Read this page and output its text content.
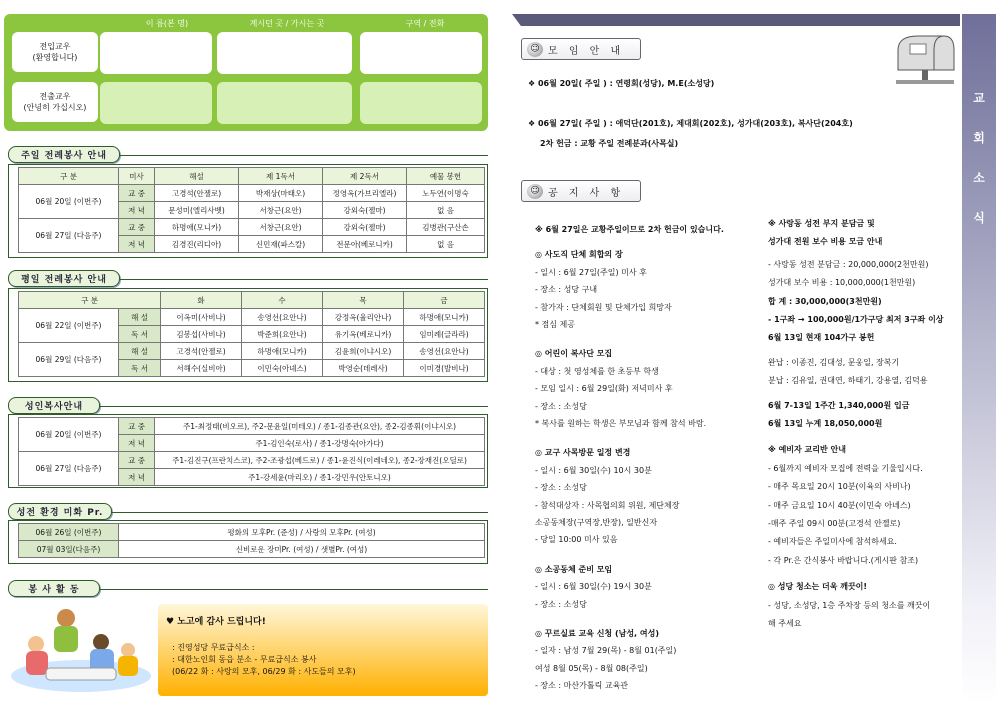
이 름(본 명)	계시던 곳 / 가시는 곳	구역 / 전화
전입교우
(환영합니다)
전출교우
(안녕히 가십시오)
주일 전례봉사 안내
구 분	미사	해설	제 1독서	제 2독서	예물 봉헌
06월 20일 (이번주)	교 중	고경석(안젤로)	박재상(마태오)	정영옥(가브리엘라)	노두연(이명숙
	저 녁	문성미(엘리사벳)	서창근(요안)	강외숙(젤마)	없 음
06월 27일 (다음주)	교 중	하명애(모니카)	서창근(요안)	강외숙(젤마)	김병관(구산손
	저 녁	김경진(리디아)	신민재(파스칼)	전문아(베로니카)	없 음
평일 전례봉사 안내
구 분		화	수	목	금
06월 22일 (이번주)	해 설	이옥미(사비나)	송영선(요안나)	강정옥(율리안나)	하명애(모니카)
	독 서	김봉섭(사비나)	박준희(요안나)	유기옥(베로니카)	임미례(글라라)
06월 29일 (다음주)	해 설	고경석(안젤로)	하명애(모니카)	김윤희(이냐시오)	송영선(요안나)
	독 서	서해수(실비아)	이민숙(아녜스)	박영순(데레사)	이미경(발비나)
성인복사안내
06월 20일 (이번주)	교 중	주1-최정태(비오르), 주2-문윤일(미테오) / 종1-김종관(요안), 종2-김종휘(이냐시오)
	저 녁	주1-김인숙(로사) / 종1-강명숙(아가다)
06월 27일 (다음주)	교 중	주1-김진구(프란치스코), 주2-조광섭(베드로) / 종1-윤진식(이레네오), 종2-장재진(오딜로)
	저 녁	주1-강세윤(마리오) / 종1-강민우(안토니오)
성전 환경 미화 Pr.
06월 26일 (이번주)	평화의 모후Pr. (준성) / 사랑의 모후Pr. (여성)
07월 03일(다음주)	신비로운 장미Pr. (여성) / 샛별Pr. (여성)
봉 사 활 동
♥ 노고에 감사 드립니다!
: 진영성당 무료급식소 :
: 대한노인회 동읍 분소 - 무료급식소 봉사
(06/22 화 : 사랑의 모후, 06/29 화 : 사도들의 모후)
교
회
소
식
☺ 모 임 안 내
❖ 06월 20일( 주일 ) : 연령회(성당), M.E(소성당)
❖ 06월 27일( 주일 ) : 애덕단(201호), 제대회(202호), 성가대(203호), 복사단(204호)
2차 헌금 : 교황 주일 전례분과(사목실)
☺ 공 지 사 항
※ 6월 27일은 교황주일이므로 2차 헌금이 있습니다.
◎ 사도직 단체 회합의 장
- 일시 : 6월 27일(주일) 미사 후
- 장소 : 성당 구내
- 참가자 : 단체회원 및 단체가입 희망자
* 점심 제공
◎ 어린이 복사단 모집
- 대상 : 첫 영성체를 한 초등부 학생
- 모임 일시 : 6월 29일(화) 저녁미사 후
- 장소 : 소성당
* 복사를 원하는 학생은 부모님과 함께 참석 바람.
◎ 교구 사목방문 일정 변경
- 일시 : 6월 30일(수) 10시 30분
- 장소 : 소성당
- 참석대상자 : 사목협의회 위원, 제단체장
소공동체장(구역장,반장), 일반신자
- 당일 10:00 미사 있음
◎ 소공동체 준비 모임
- 일시 : 6월 30일(수) 19시 30분
- 장소 : 소성당
◎ 꾸르실료 교육 신청 (남성, 여성)
- 일자 : 남성 7월 29(목) - 8월 01(주일)
여성 8월 05(목) - 8월 08(주일)
- 장소 : 마산가톨릭 교육관
※ 사랑동 성전 부지 분담금 및
성가대 전원 보수 비용 모금 안내
- 사랑동 성전 분담금 : 20,000,000(2천만원)
성가대 보수 비용 : 10,000,000(1천만원)
합 계 : 30,000,000(3천만원)
- 1구좌 → 100,000원/1가구당 최저 3구좌 이상
6월 13일 현재 104가구 봉헌
완납 : 이종진, 김대성, 문웅일, 장복기
분납 : 김유일, 권대연, 하태기, 강용열, 김덕용
6월 7-13일 1주간 1,340,000원 입금
6월 13일 누계 18,050,000원
※ 예비자 교리반 안내
- 6월까지 예비자 모집에 전력을 기울입시다.
- 매주 목요일 20시 10분(이육의 사비나)
- 매주 금요일 10시 40분(이민숙 아녜스)
-매주 주일 09시 00분(고경석 안젤로)
- 예비자들은 주일미사에 참석하세요.
- 각 Pr.은 간식봉사 바랍니다.(게시판 참조)
◎ 성당 청소는 더욱 깨끗이!
- 성당, 소성당, 1층 주차장 등의 청소를 깨끗이
해 주세요
